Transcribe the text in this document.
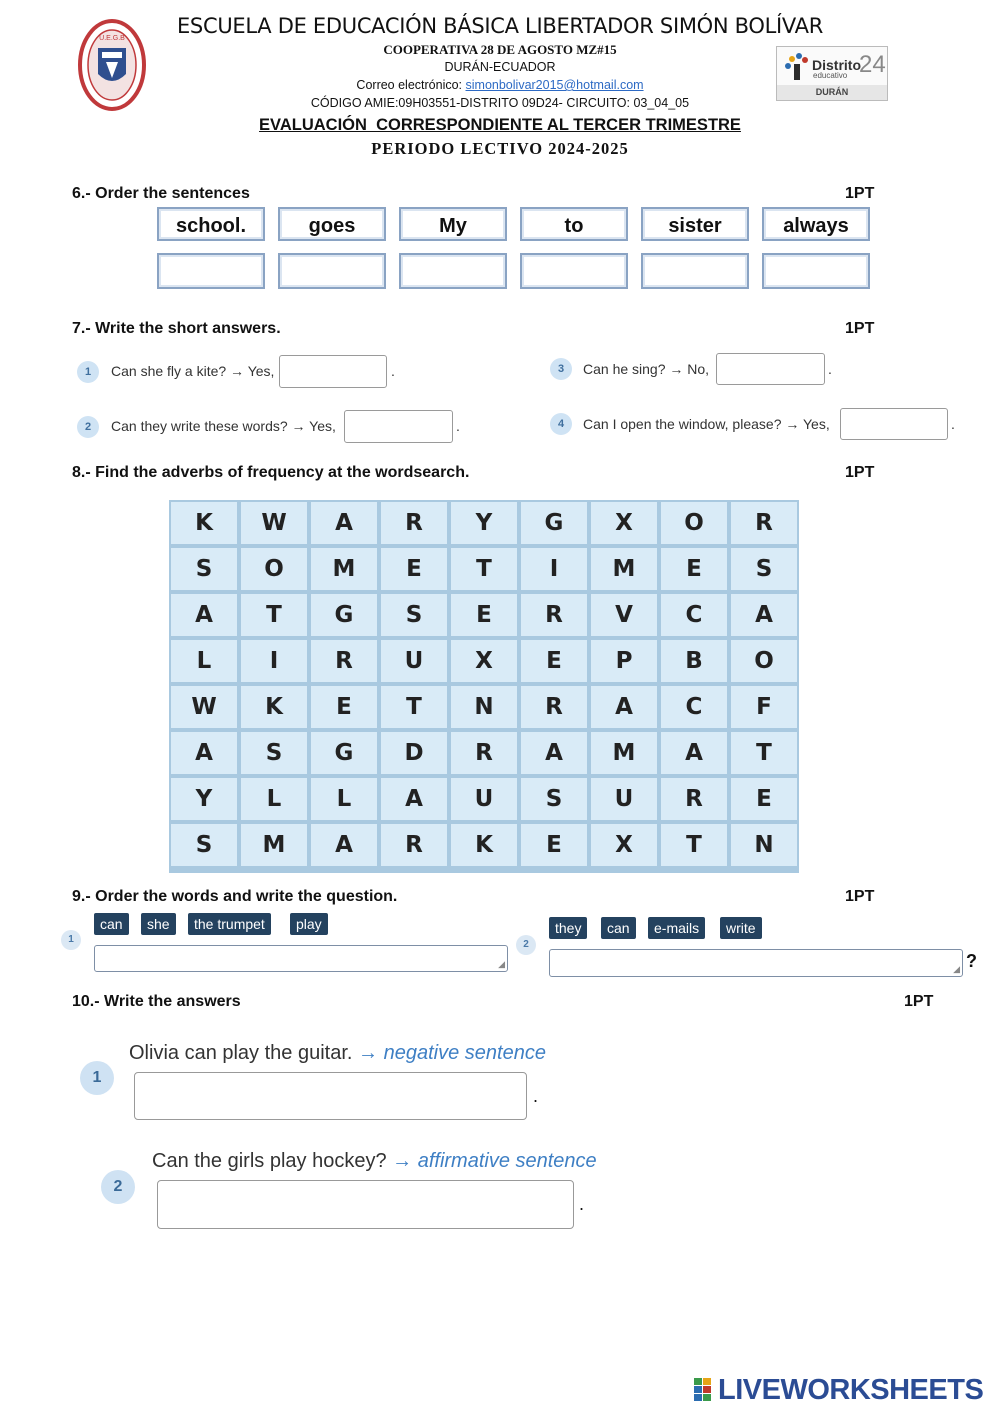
U.E.G.B
ESCUELA DE EDUCACIÓN BÁSICA LIBERTADOR SIMÓN BOLÍVAR
COOPERATIVA 28 DE AGOSTO MZ#15
DURÁN-ECUADOR
Correo electrónico: simonbolivar2015@hotmail.com
CÓDIGO AMIE:09H03551-DISTRITO 09D24- CIRCUITO: 03_04_05
EVALUACIÓN  CORRESPONDIENTE AL TERCER TRIMESTRE
PERIODO LECTIVO 2024-2025
Distrito
educativo 24
DURÁN
6.- Order the sentences	1PT
school.	goes	My	to	sister	always
7.- Write the short answers.	1PT
1	Can she fly a kite? → Yes,	.
2	Can they write these words? → Yes,	.
3	Can he sing? → No,	.
4	Can I open the window, please? → Yes,	.
8.- Find the adverbs of frequency at the wordsearch.	1PT
K	W	A	R	Y	G	X	O	R
S	O	M	E	T	I	M	E	S
A	T	G	S	E	R	V	C	A
L	I	R	U	X	E	P	B	O
W	K	E	T	N	R	A	C	F
A	S	G	D	R	A	M	A	T
Y	L	L	A	U	S	U	R	E
S	M	A	R	K	E	X	T	N
9.- Order the words and write the question.	1PT
can	she	the trumpet	play
1
◢
they	can	e-mails	write
2
◢ ?
10.- Write the answers	1PT
1
Olivia can play the guitar. → negative sentence
.
2
Can the girls play hockey? → affirmative sentence
.
LIVEWORKSHEETS
